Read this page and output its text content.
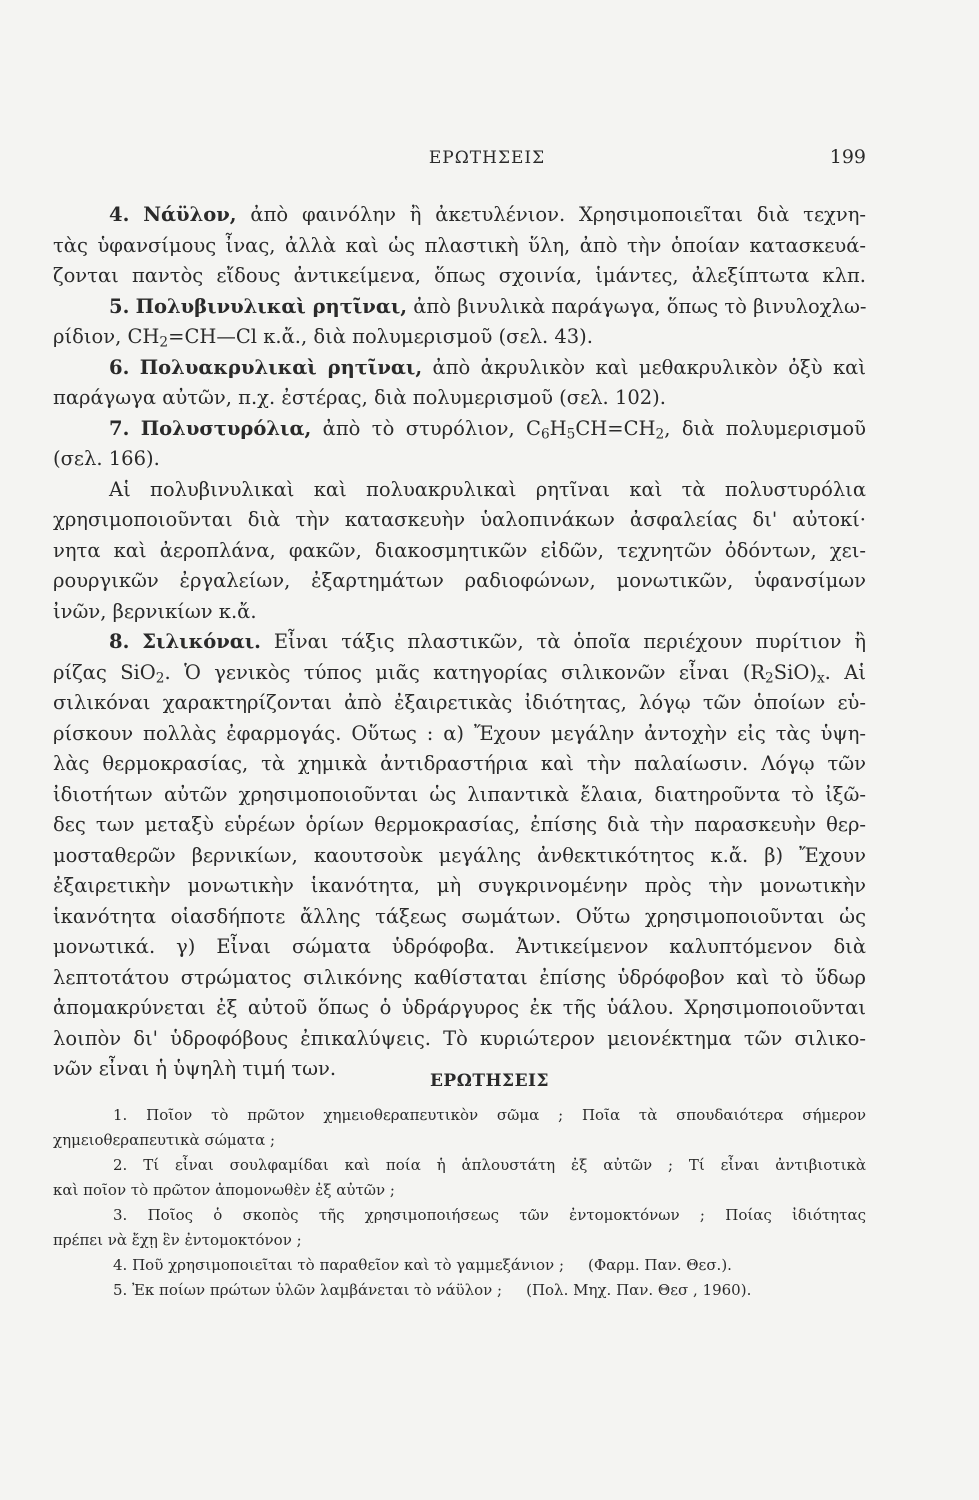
ΕΡΩΤΗΣΕΙΣ	199
4. Νάϋλον, ἀπὸ φαινόλην ἢ ἀκετυλένιον. Χρησιμοποιεῖται διὰ τεχνη-
τὰς ὑφανσίμους ἶνας, ἀλλὰ καὶ ὡς πλαστικὴ ὕλη, ἀπὸ τὴν ὁποίαν κατασκευά-
ζονται παντὸς εἴδους ἀντικείμενα, ὅπως σχοινία, ἱμάντες, ἀλεξίπτωτα κλπ.
5. Πολυβινυλικαὶ ρητῖναι, ἀπὸ βινυλικὰ παράγωγα, ὅπως τὸ βινυλοχλω-
ρίδιον, $CH_2=CH—Cl$ κ.ἄ., διὰ πολυμερισμοῦ (σελ. 43).
6. Πολυακρυλικαὶ ρητῖναι, ἀπὸ ἀκρυλικὸν καὶ μεθακρυλικὸν ὀξὺ καὶ
παράγωγα αὐτῶν, π.χ. ἐστέρας, διὰ πολυμερισμοῦ (σελ. 102).
7. Πολυστυρόλια, ἀπὸ τὸ στυρόλιον, $C_6H_5CH=CH_2$, διὰ πολυμερισμοῦ
(σελ. 166).
Αἱ πολυβινυλικαὶ καὶ πολυακρυλικαὶ ρητῖναι καὶ τὰ πολυστυρόλια
χρησιμοποιοῦνται διὰ τὴν κατασκευὴν ὑαλοπινάκων ἀσφαλείας δι' αὐτοκί·
νητα καὶ ἀεροπλάνα, φακῶν, διακοσμητικῶν εἰδῶν, τεχνητῶν ὀδόντων, χει-
ρουργικῶν ἐργαλείων, ἐξαρτημάτων ραδιοφώνων, μονωτικῶν, ὑφανσίμων
ἰνῶν, βερνικίων κ.ἄ.
8. Σιλικόναι. Εἶναι τάξις πλαστικῶν, τὰ ὁποῖα περιέχουν πυρίτιον ἢ
ρίζας SiO$_2$. Ὁ γενικὸς τύπος μιᾶς κατηγορίας σιλικονῶν εἶναι $(R_2SiO)_x$. Αἱ
σιλικόναι χαρακτηρίζονται ἀπὸ ἐξαιρετικὰς ἰδιότητας, λόγῳ τῶν ὁποίων εὑ-
ρίσκουν πολλὰς ἐφαρμογάς. Οὕτως : α) Ἔχουν μεγάλην ἀντοχὴν εἰς τὰς ὑψη-
λὰς θερμοκρασίας, τὰ χημικὰ ἀντιδραστήρια καὶ τὴν παλαίωσιν. Λόγῳ τῶν
ἰδιοτήτων αὐτῶν χρησιμοποιοῦνται ὡς λιπαντικὰ ἔλαια, διατηροῦντα τὸ ἰξῶ-
δες των μεταξὺ εὑρέων ὁρίων θερμοκρασίας, ἐπίσης διὰ τὴν παρασκευὴν θερ-
μοσταθερῶν βερνικίων, καουτσοὺκ μεγάλης ἀνθεκτικότητος κ.ἄ. β) Ἔχουν
ἐξαιρετικὴν μονωτικὴν ἱκανότητα, μὴ συγκρινομένην πρὸς τὴν μονωτικὴν
ἱκανότητα οἱασδήποτε ἄλλης τάξεως σωμάτων. Οὕτω χρησιμοποιοῦνται ὡς
μονωτικά. γ) Εἶναι σώματα ὑδρόφοβα. Ἀντικείμενον καλυπτόμενον διὰ
λεπτοτάτου στρώματος σιλικόνης καθίσταται ἐπίσης ὑδρόφοβον καὶ τὸ ὕδωρ
ἀπομακρύνεται ἐξ αὐτοῦ ὅπως ὁ ὑδράργυρος ἐκ τῆς ὑάλου. Χρησιμοποιοῦνται
λοιπὸν δι' ὑδροφόβους ἐπικαλύψεις. Τὸ κυριώτερον μειονέκτημα τῶν σιλικο-
νῶν εἶναι ἡ ὑψηλὴ τιμή των.
ΕΡΩΤΗΣΕΙΣ
1. Ποῖον τὸ πρῶτον χημειοθεραπευτικὸν σῶμα ; Ποῖα τὰ σπουδαιότερα σήμερον
χημειοθεραπευτικὰ σώματα ;
2. Τί εἶναι σουλφαμίδαι καὶ ποία ἡ ἁπλουστάτη ἐξ αὐτῶν ; Τί εἶναι ἀντιβιοτικὰ
καὶ ποῖον τὸ πρῶτον ἀπομονωθὲν ἐξ αὐτῶν ;
3. Ποῖος ὁ σκοπὸς τῆς χρησιμοποιήσεως τῶν ἐντομοκτόνων ; Ποίας ἰδιότητας
πρέπει νὰ ἔχῃ ἓν ἐντομοκτόνον ;
4. Ποῦ χρησιμοποιεῖται τὸ παραθεῖον καὶ τὸ γαμμεξάνιον ; (Φαρμ. Παν. Θεσ.).
5. Ἐκ ποίων πρώτων ὑλῶν λαμβάνεται τὸ νάϋλον ; (Πολ. Μηχ. Παν. Θεσ , 1960).
